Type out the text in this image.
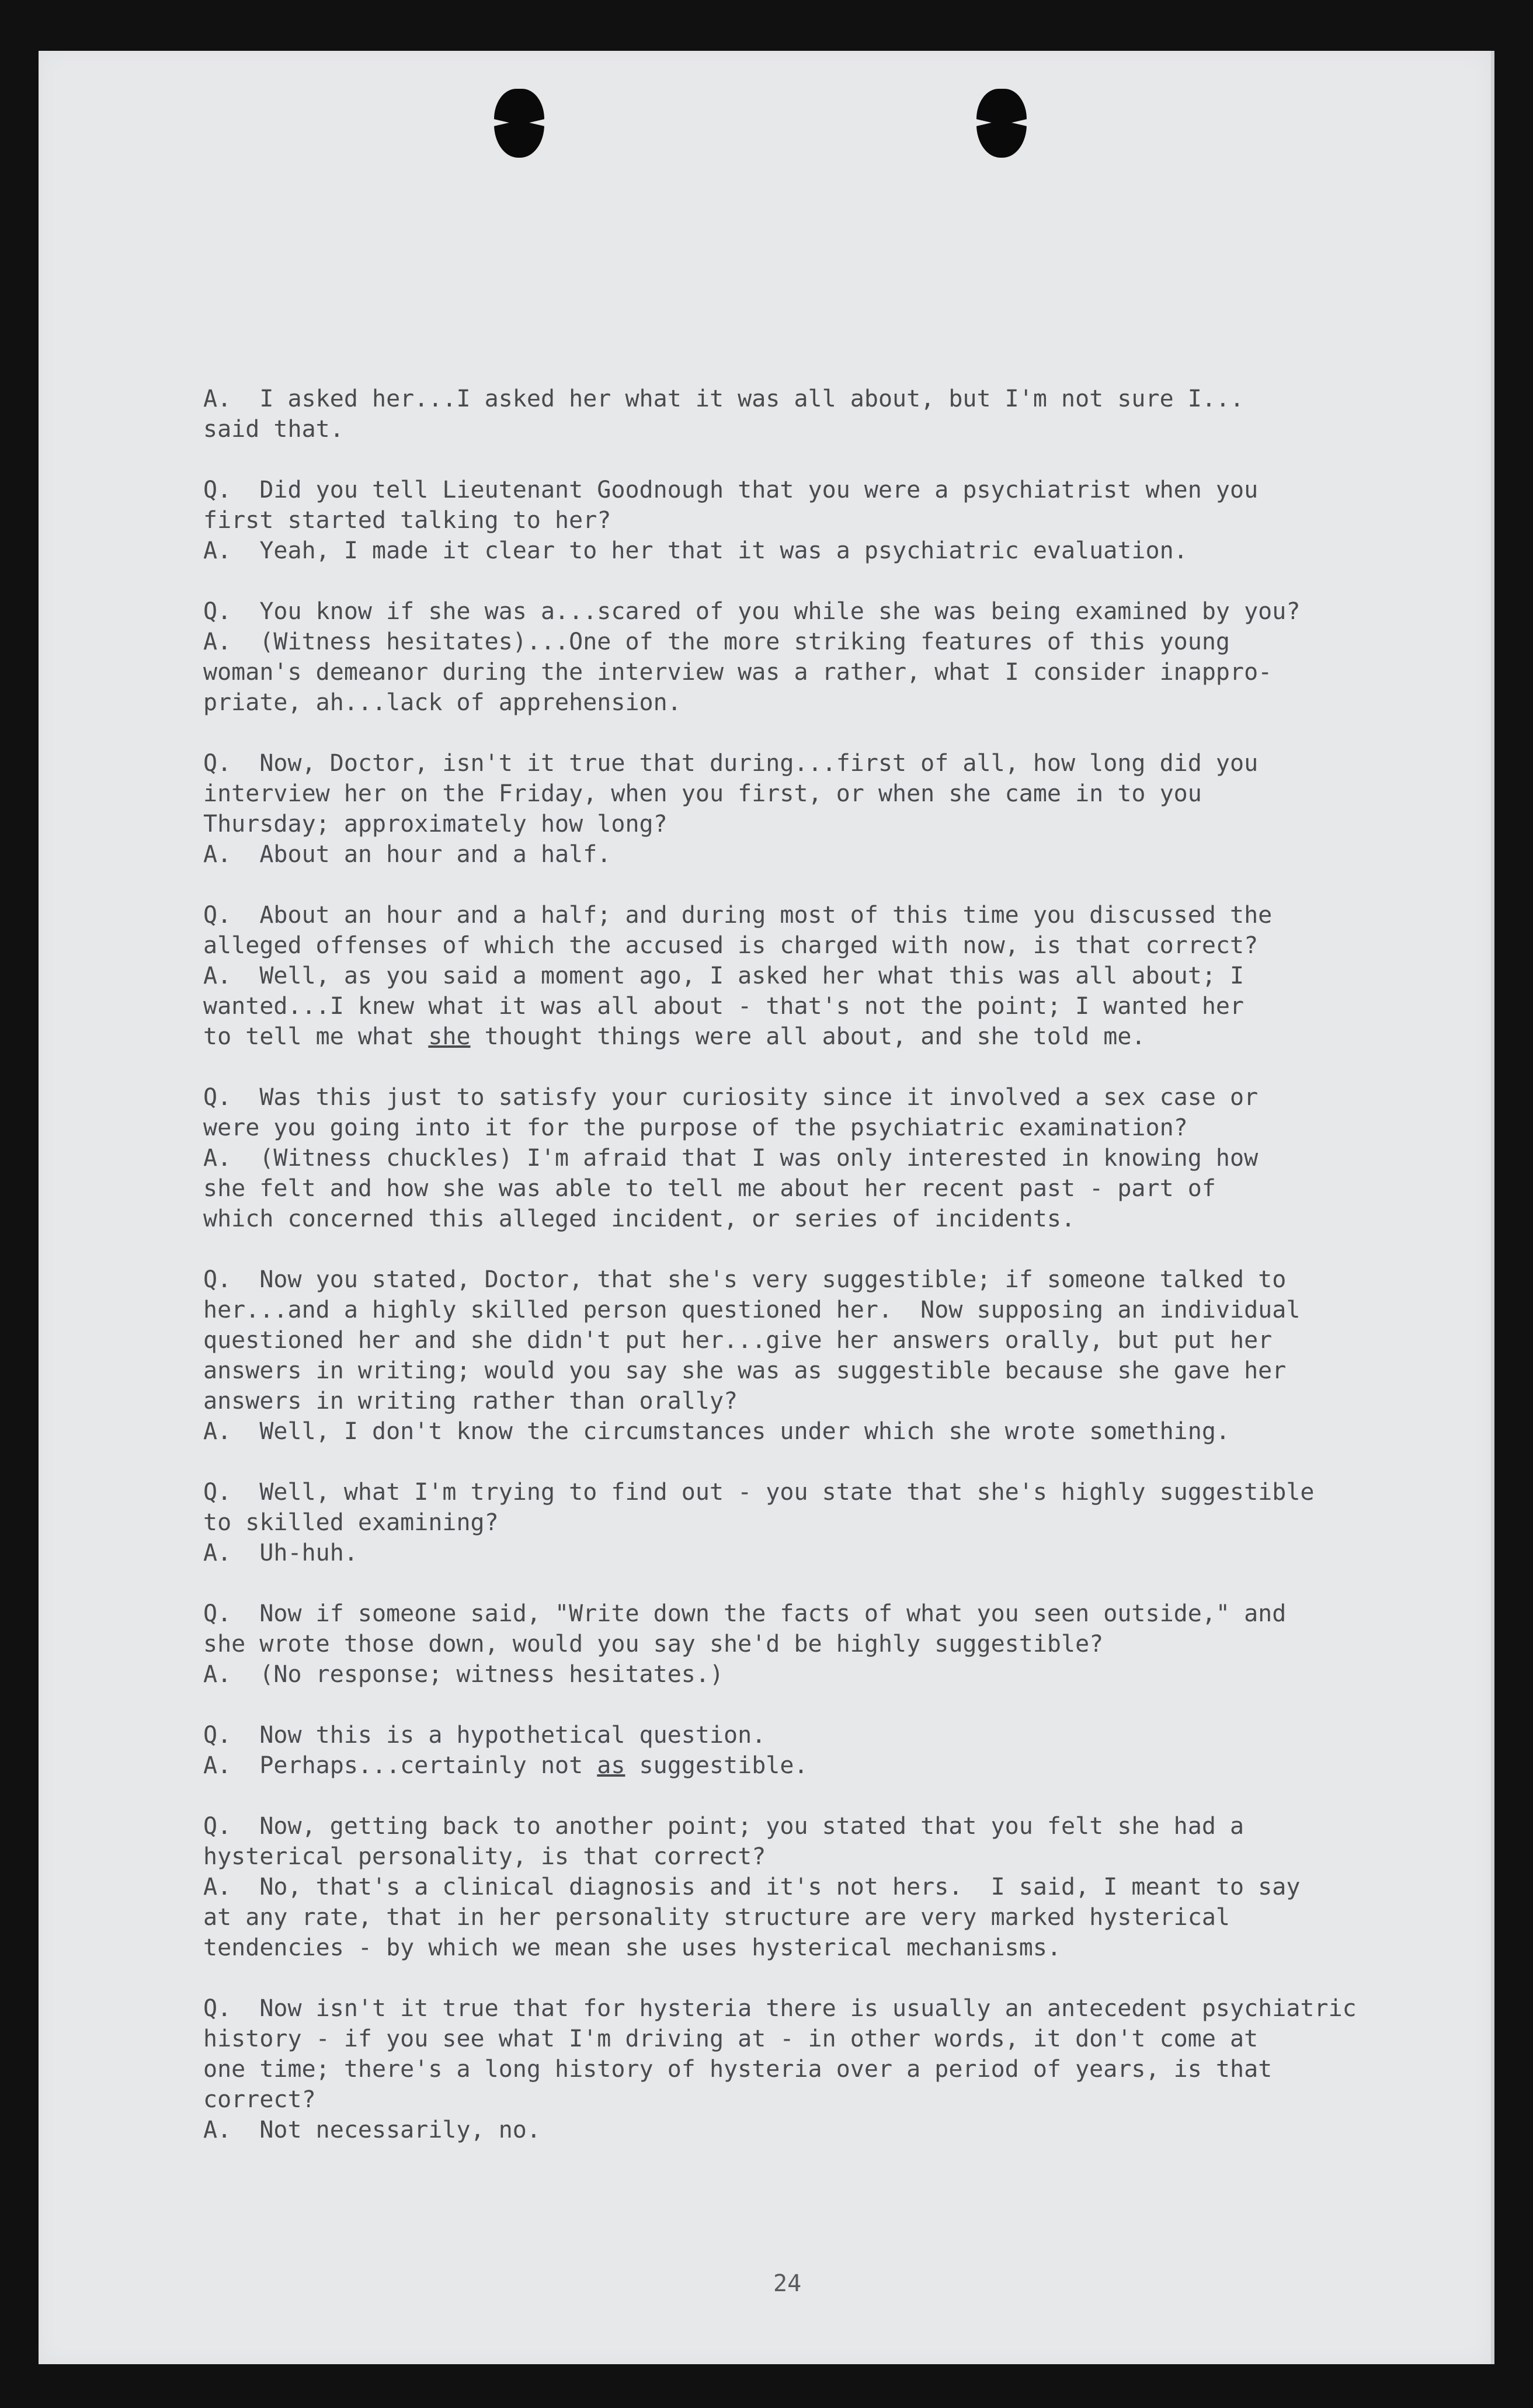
A.  I asked her...I asked her what it was all about, but I'm not sure I...
said that.
Q.  Did you tell Lieutenant Goodnough that you were a psychiatrist when you
first started talking to her?
A.  Yeah, I made it clear to her that it was a psychiatric evaluation.
Q.  You know if she was a...scared of you while she was being examined by you?
A.  (Witness hesitates)...One of the more striking features of this young
woman's demeanor during the interview was a rather, what I consider inappro-
priate, ah...lack of apprehension.
Q.  Now, Doctor, isn't it true that during...first of all, how long did you
interview her on the Friday, when you first, or when she came in to you
Thursday; approximately how long?
A.  About an hour and a half.
Q.  About an hour and a half; and during most of this time you discussed the
alleged offenses of which the accused is charged with now, is that correct?
A.  Well, as you said a moment ago, I asked her what this was all about; I
wanted...I knew what it was all about - that's not the point; I wanted her
to tell me what she thought things were all about, and she told me.
Q.  Was this just to satisfy your curiosity since it involved a sex case or
were you going into it for the purpose of the psychiatric examination?
A.  (Witness chuckles) I'm afraid that I was only interested in knowing how
she felt and how she was able to tell me about her recent past - part of
which concerned this alleged incident, or series of incidents.
Q.  Now you stated, Doctor, that she's very suggestible; if someone talked to
her...and a highly skilled person questioned her.  Now supposing an individual
questioned her and she didn't put her...give her answers orally, but put her
answers in writing; would you say she was as suggestible because she gave her
answers in writing rather than orally?
A.  Well, I don't know the circumstances under which she wrote something.
Q.  Well, what I'm trying to find out - you state that she's highly suggestible
to skilled examining?
A.  Uh-huh.
Q.  Now if someone said, "Write down the facts of what you seen outside," and
she wrote those down, would you say she'd be highly suggestible?
A.  (No response; witness hesitates.)
Q.  Now this is a hypothetical question.
A.  Perhaps...certainly not as suggestible.
Q.  Now, getting back to another point; you stated that you felt she had a
hysterical personality, is that correct?
A.  No, that's a clinical diagnosis and it's not hers.  I said, I meant to say
at any rate, that in her personality structure are very marked hysterical
tendencies - by which we mean she uses hysterical mechanisms.
Q.  Now isn't it true that for hysteria there is usually an antecedent psychiatric
history - if you see what I'm driving at - in other words, it don't come at
one time; there's a long history of hysteria over a period of years, is that
correct?
A.  Not necessarily, no.
24
